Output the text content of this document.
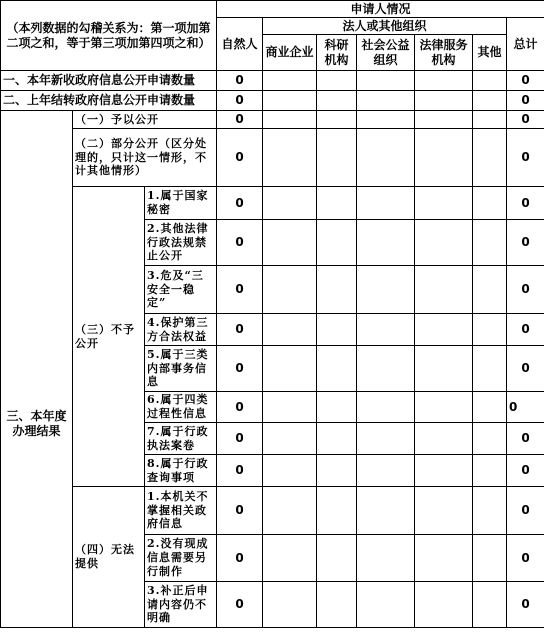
（本列数据的勾稽关系为：第一项加第二项之和，等于第三项加第四项之和）			申请人情况						
			自然人	法人或其他组织					总计
				商业企业	科研机构	社会公益组织	法律服务机构	其他	
一、本年新收政府信息公开申请数量			0						0
二、上年结转政府信息公开申请数量			0						0
三、本年度办理结果	（一）予以公开		0						0
	（二）部分公开（区分处理的，只计这一情形，不计其他情形）		0						0
	（三）不予公开	1.属于国家秘密	0						0
		2.其他法律行政法规禁止公开	0						0
		3.危及“三安全一稳定”	0						0
		4.保护第三方合法权益	0						0
		5.属于三类内部事务信息	0						0
		6.属于四类过程性信息	0						0
		7.属于行政执法案卷	0						0
		8.属于行政查询事项	0						0
	（四）无法提供	1.本机关不掌握相关政府信息	0						0
		2.没有现成信息需要另行制作	0						0
		3.补正后申请内容仍不明确	0						0
